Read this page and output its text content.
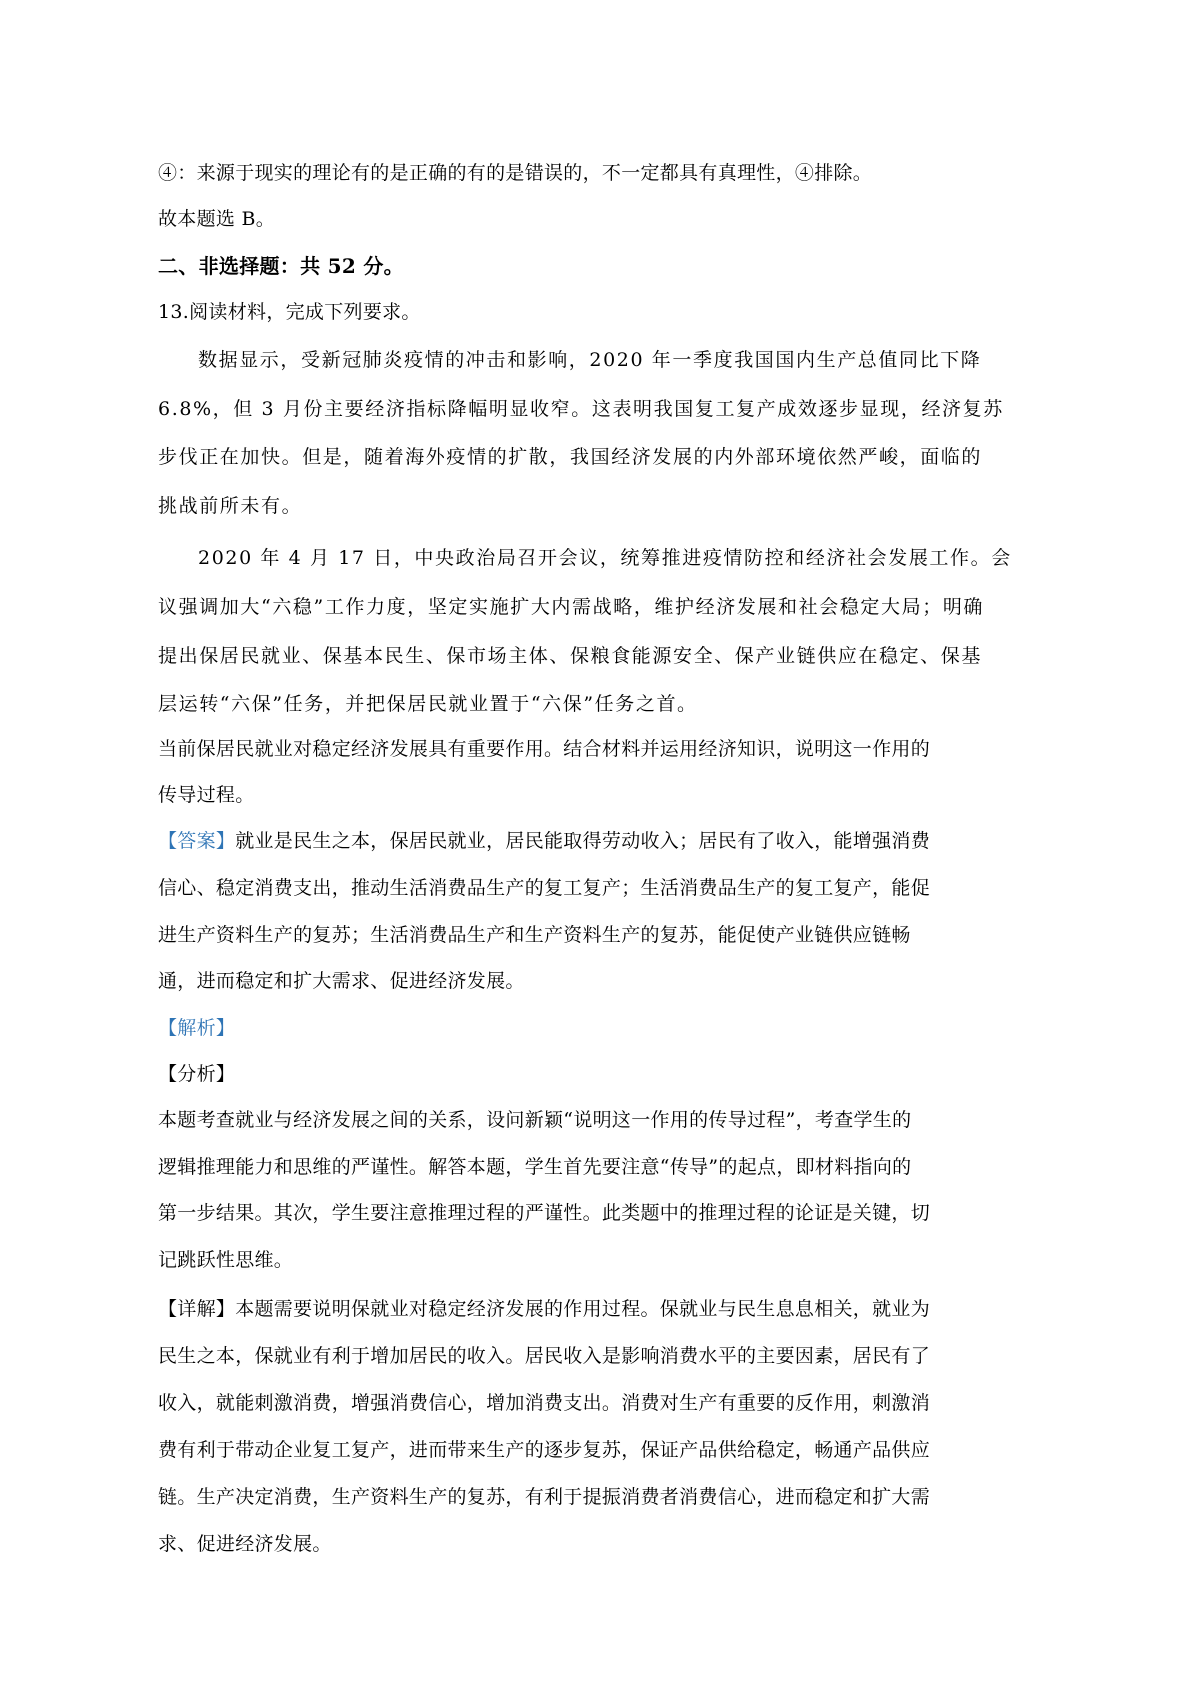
④：来源于现实的理论有的是正确的有的是错误的，不一定都具有真理性，④排除。
故本题选 B。
二、非选择题：共 52 分。
13.阅读材料，完成下列要求。
数据显示，受新冠肺炎疫情的冲击和影响，2020 年一季度我国国内生产总值同比下降
6.8%，但 3 月份主要经济指标降幅明显收窄。这表明我国复工复产成效逐步显现，经济复苏
步伐正在加快。但是，随着海外疫情的扩散，我国经济发展的内外部环境依然严峻，面临的
挑战前所未有。
2020 年 4 月 17 日，中央政治局召开会议，统筹推进疫情防控和经济社会发展工作。会
议强调加大“六稳”工作力度，坚定实施扩大内需战略，维护经济发展和社会稳定大局；明确
提出保居民就业、保基本民生、保市场主体、保粮食能源安全、保产业链供应在稳定、保基
层运转“六保”任务，并把保居民就业置于“六保”任务之首。
当前保居民就业对稳定经济发展具有重要作用。结合材料并运用经济知识，说明这一作用的
传导过程。
【答案】就业是民生之本，保居民就业，居民能取得劳动收入；居民有了收入，能增强消费
信心、稳定消费支出，推动生活消费品生产的复工复产；生活消费品生产的复工复产，能促
进生产资料生产的复苏；生活消费品生产和生产资料生产的复苏，能促使产业链供应链畅
通，进而稳定和扩大需求、促进经济发展。
【解析】
【分析】
本题考查就业与经济发展之间的关系，设问新颖“说明这一作用的传导过程”，考查学生的
逻辑推理能力和思维的严谨性。解答本题，学生首先要注意“传导”的起点，即材料指向的
第一步结果。其次，学生要注意推理过程的严谨性。此类题中的推理过程的论证是关键，切
记跳跃性思维。
【详解】本题需要说明保就业对稳定经济发展的作用过程。保就业与民生息息相关，就业为
民生之本，保就业有利于增加居民的收入。居民收入是影响消费水平的主要因素，居民有了
收入，就能刺激消费，增强消费信心，增加消费支出。消费对生产有重要的反作用，刺激消
费有利于带动企业复工复产，进而带来生产的逐步复苏，保证产品供给稳定，畅通产品供应
链。生产决定消费，生产资料生产的复苏，有利于提振消费者消费信心，进而稳定和扩大需
求、促进经济发展。
